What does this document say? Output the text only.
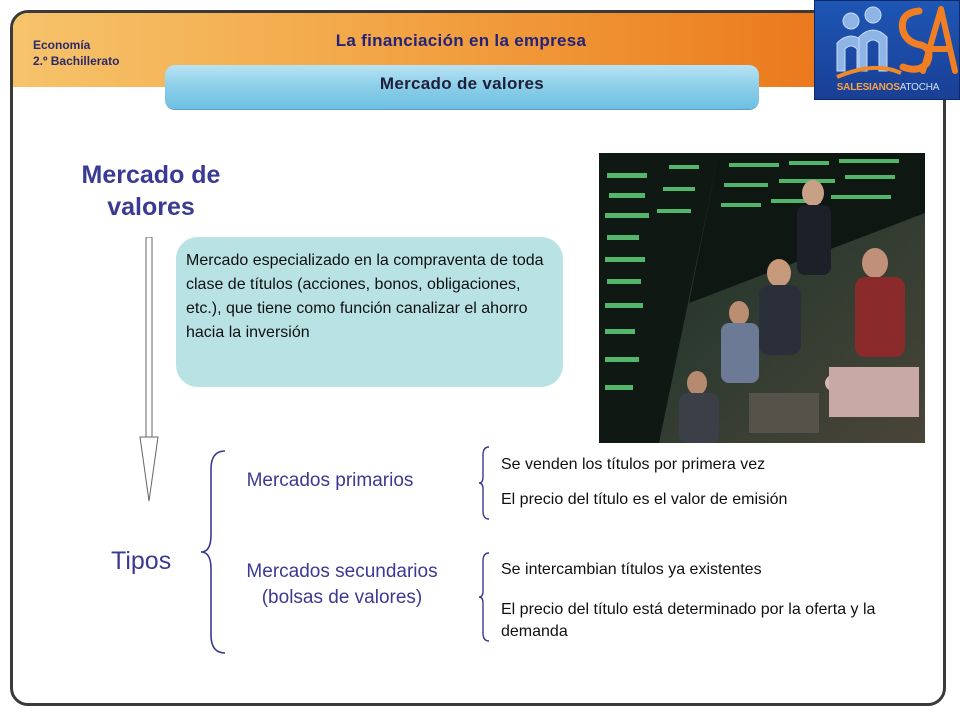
Economía
2.º Bachillerato
La financiación en la empresa
Mercado de valores
Mercado de valores
Mercado especializado en la compraventa de toda clase de títulos (acciones, bonos, obligaciones, etc.), que tiene como función canalizar el ahorro hacia la inversión
Tipos
Mercados primarios
Se venden los títulos por primera vez
El precio del título es el valor de emisión
Mercados secundarios (bolsas de valores)
Se intercambian títulos ya existentes
El precio del título está determinado por la oferta y la demanda
SALESIANOSATOCHA
